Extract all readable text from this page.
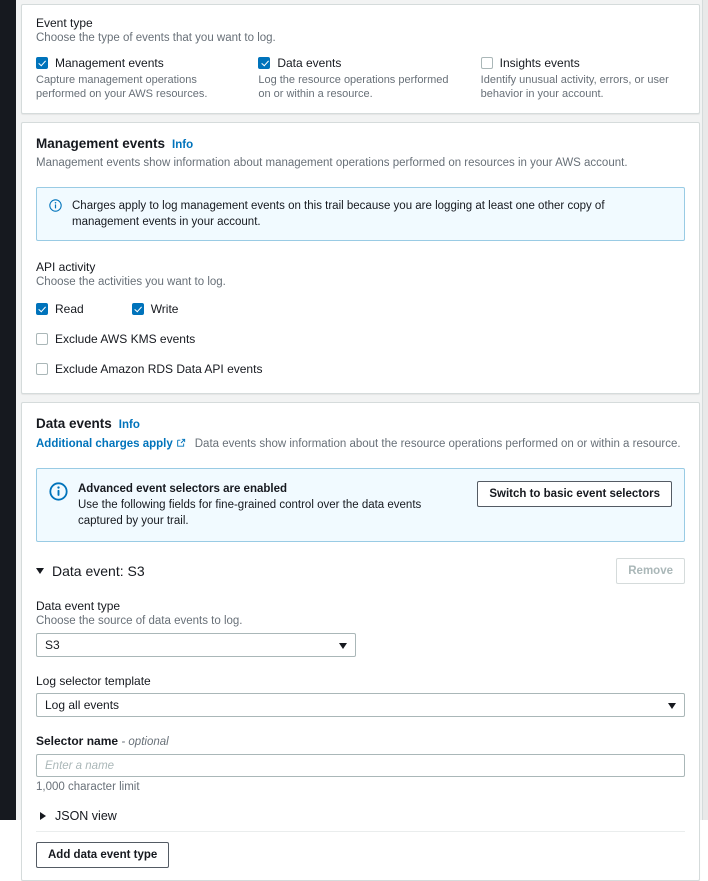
Event type
Choose the type of events that you want to log.
Management events
Capture management operations performed on your AWS resources.
Data events
Log the resource operations performed on or within a resource.
Insights events
Identify unusual activity, errors, or user behavior in your account.
Management events Info
Management events show information about management operations performed on resources in your AWS account.
Charges apply to log management events on this trail because you are logging at least one other copy of management events in your account.
API activity
Choose the activities you want to log.
Read	Write
Exclude AWS KMS events
Exclude Amazon RDS Data API events
Data events Info
Additional charges apply Data events show information about the resource operations performed on or within a resource.
Advanced event selectors are enabled
Use the following fields for fine-grained control over the data events captured by your trail.
Switch to basic event selectors
Data event: S3	Remove
Data event type
Choose the source of data events to log.
S3
Log selector template
Log all events
Selector name - optional
Enter a name
1,000 character limit
JSON view
Add data event type
